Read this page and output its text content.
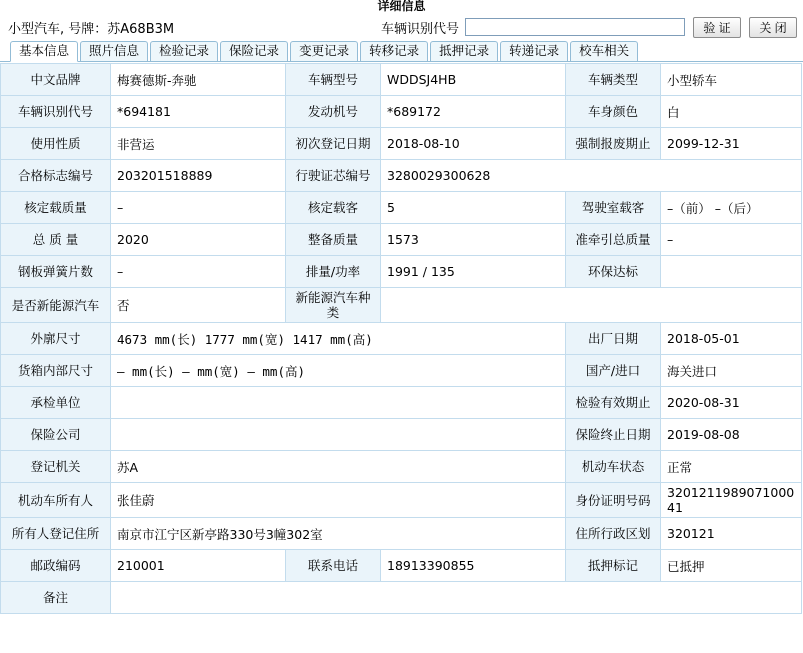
详细信息
小型汽车, 号牌：苏A68B3M	车辆识别代号	验 证	关 闭
基本信息	照片信息	检验记录	保险记录	变更记录	转移记录	抵押记录	转递记录	校车相关
中文品牌	梅赛德斯-奔驰	车辆型号	WDDSJ4HB	车辆类型	小型轿车
车辆识别代号	*694181	发动机号	*689172	车身颜色	白
使用性质	非营运	初次登记日期	2018-08-10	强制报废期止	2099-12-31
合格标志编号	203201518889	行驶证芯编号	3280029300628		
核定载质量	–	核定载客	5	驾驶室载客	–（前） –（后）
总 质 量	2020	整备质量	1573	准牵引总质量	–
钢板弹簧片数	–	排量/功率	1991 / 135	环保达标	
是否新能源汽车	否	新能源汽车种类			
外廓尺寸	4673 mm(长) 1777 mm(宽) 1417 mm(高)			出厂日期	2018-05-01
货箱内部尺寸	– mm(长) – mm(宽) – mm(高)			国产/进口	海关进口
承检单位				检验有效期止	2020-08-31
保险公司				保险终止日期	2019-08-08
登记机关	苏A			机动车状态	正常
机动车所有人	张佳蔚			身份证明号码	320121198907100041
所有人登记住所	南京市江宁区新亭路330号3幢302室			住所行政区划	320121
邮政编码	210001	联系电话	18913390855	抵押标记	已抵押
备注					
